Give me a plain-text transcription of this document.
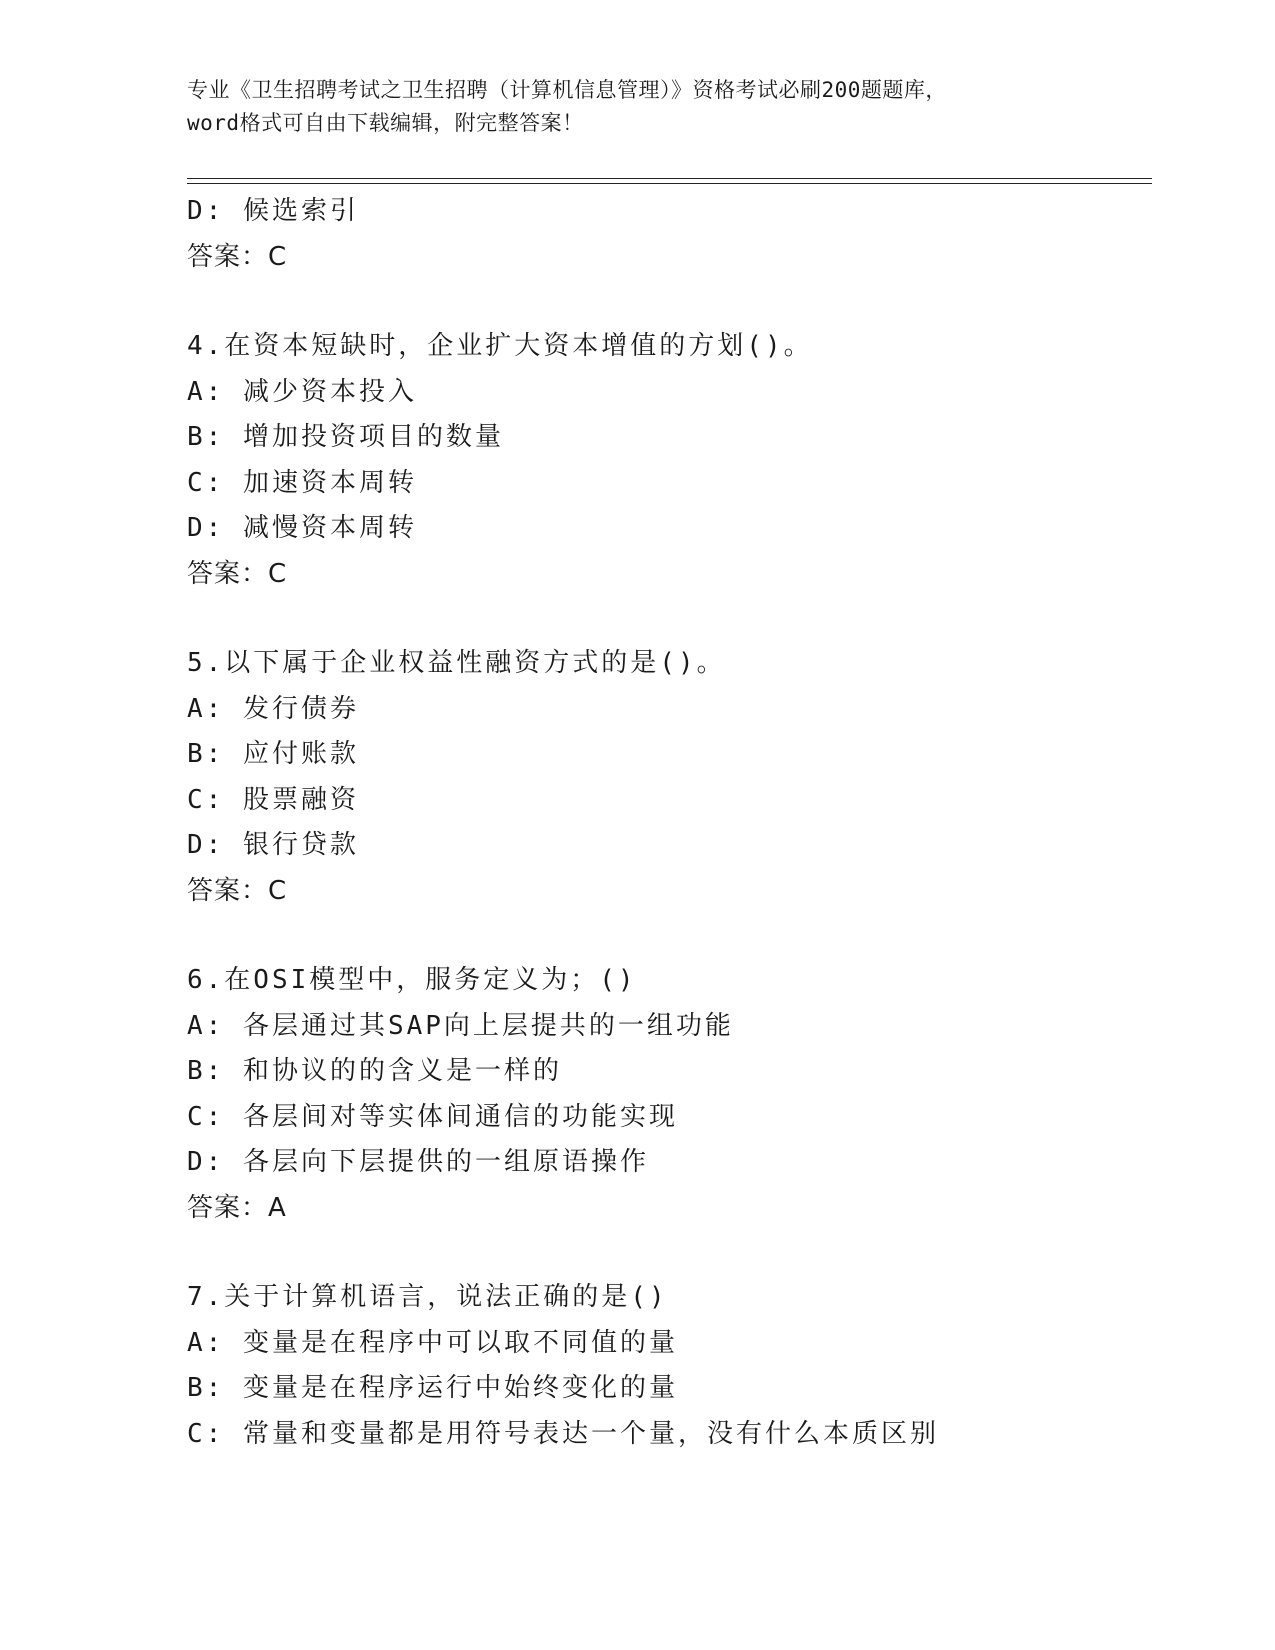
专业《卫生招聘考试之卫生招聘（计算机信息管理）》资格考试必刷200题题库，
word格式可自由下载编辑，附完整答案！
D: 候选索引
答案：C
4.在资本短缺时，企业扩大资本增值的方划()。
A: 减少资本投入
B: 增加投资项目的数量
C: 加速资本周转
D: 减慢资本周转
答案：C
5.以下属于企业权益性融资方式的是()。
A: 发行债券
B: 应付账款
C: 股票融资
D: 银行贷款
答案：C
6.在OSI模型中，服务定义为；()
A: 各层通过其SAP向上层提共的一组功能
B: 和协议的的含义是一样的
C: 各层间对等实体间通信的功能实现
D: 各层向下层提供的一组原语操作
答案：A
7.关于计算机语言，说法正确的是()
A: 变量是在程序中可以取不同值的量
B: 变量是在程序运行中始终变化的量
C: 常量和变量都是用符号表达一个量，没有什么本质区别
